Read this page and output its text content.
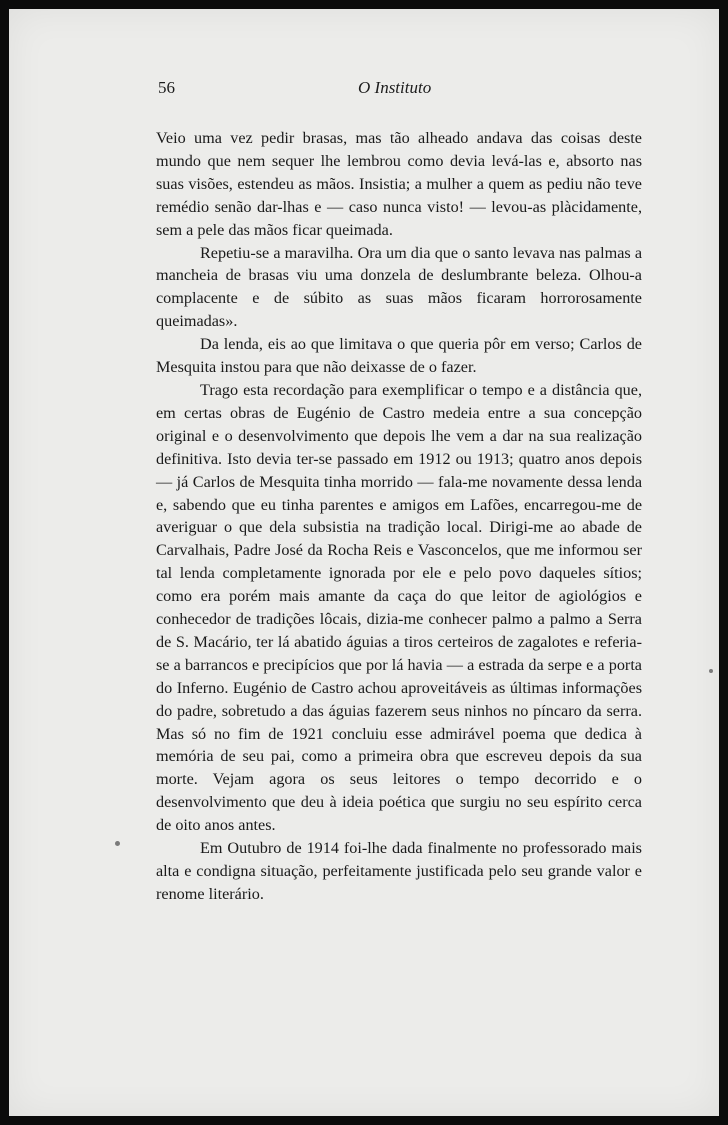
56	O Instituto

Veio uma vez pedir brasas, mas tão alheado andava das coisas deste mundo que nem sequer lhe lembrou como devia levá-las e, absorto nas suas visões, estendeu as mãos. Insistia; a mulher a quem as pediu não teve remédio senão dar-lhas e — caso nunca visto! — levou-as plàcidamente, sem a pele das mãos ficar queimada.

Repetiu-se a maravilha. Ora um dia que o santo levava nas palmas a mancheia de brasas viu uma donzela de deslumbrante beleza. Olhou-a complacente e de súbito as suas mãos ficaram horrorosamente queimadas».

Da lenda, eis ao que limitava o que queria pôr em verso; Carlos de Mesquita instou para que não deixasse de o fazer.

Trago esta recordação para exemplificar o tempo e a distância que, em certas obras de Eugénio de Castro medeia entre a sua concepção original e o desenvolvimento que depois lhe vem a dar na sua realização definitiva. Isto devia ter-se passado em 1912 ou 1913; quatro anos depois — já Carlos de Mesquita tinha morrido — fala-me novamente dessa lenda e, sabendo que eu tinha parentes e amigos em Lafões, encarregou-me de averiguar o que dela subsistia na tradição local. Dirigi-me ao abade de Carvalhais, Padre José da Rocha Reis e Vasconcelos, que me informou ser tal lenda completamente ignorada por ele e pelo povo daqueles sítios; como era porém mais amante da caça do que leitor de agiológios e conhecedor de tradições lôcais, dizia-me conhecer palmo a palmo a Serra de S. Macário, ter lá abatido águias a tiros certeiros de zagalotes e referia-se a barrancos e precipícios que por lá havia — a estrada da serpe e a porta do Inferno. Eugénio de Castro achou aproveitáveis as últimas informações do padre, sobretudo a das águias fazerem seus ninhos no píncaro da serra. Mas só no fim de 1921 concluiu esse admirável poema que dedica à memória de seu pai, como a primeira obra que escreveu depois da sua morte. Vejam agora os seus leitores o tempo decorrido e o desenvolvimento que deu à ideia poética que surgiu no seu espírito cerca de oito anos antes.

Em Outubro de 1914 foi-lhe dada finalmente no professorado mais alta e condigna situação, perfeitamente justificada pelo seu grande valor e renome literário.
